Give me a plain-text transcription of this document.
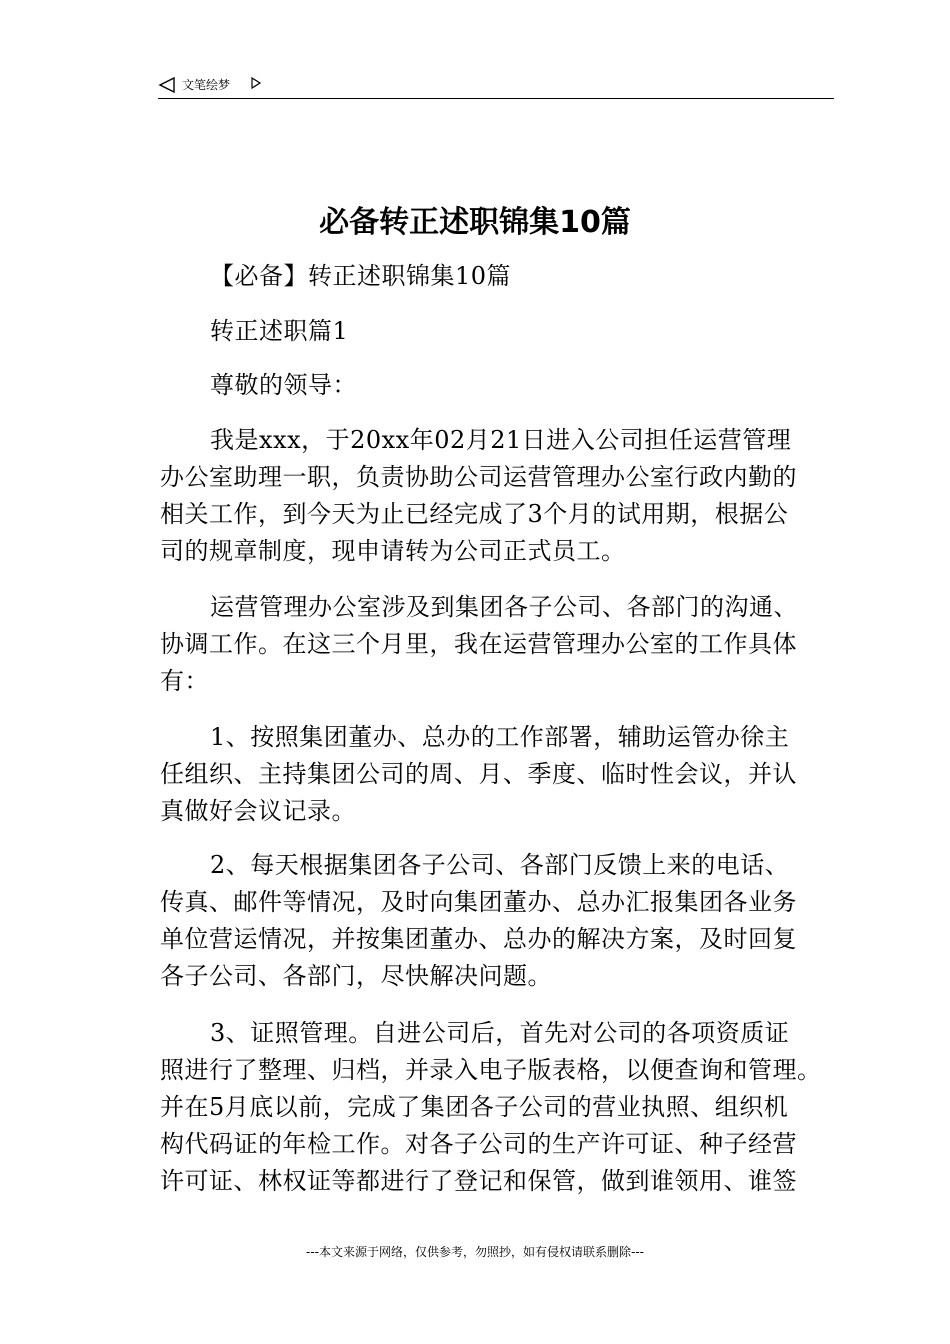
文笔绘梦
必备转正述职锦集10篇

【必备】转正述职锦集10篇

转正述职篇1

尊敬的领导：

我是xxx，于20xx年02月21日进入公司担任运营管理
办公室助理一职，负责协助公司运营管理办公室行政内勤的
相关工作，到今天为止已经完成了3个月的试用期，根据公
司的规章制度，现申请转为公司正式员工。

运营管理办公室涉及到集团各子公司、各部门的沟通、
协调工作。在这三个月里，我在运营管理办公室的工作具体
有：

1、按照集团董办、总办的工作部署，辅助运管办徐主
任组织、主持集团公司的周、月、季度、临时性会议，并认
真做好会议记录。

2、每天根据集团各子公司、各部门反馈上来的电话、
传真、邮件等情况，及时向集团董办、总办汇报集团各业务
单位营运情况，并按集团董办、总办的解决方案，及时回复
各子公司、各部门，尽快解决问题。

3、证照管理。自进公司后，首先对公司的各项资质证
照进行了整理、归档，并录入电子版表格，以便查询和管理。
并在5月底以前，完成了集团各子公司的营业执照、组织机
构代码证的年检工作。对各子公司的生产许可证、种子经营
许可证、林权证等都进行了登记和保管，做到谁领用、谁签

---本文来源于网络，仅供参考，勿照抄，如有侵权请联系删除---
